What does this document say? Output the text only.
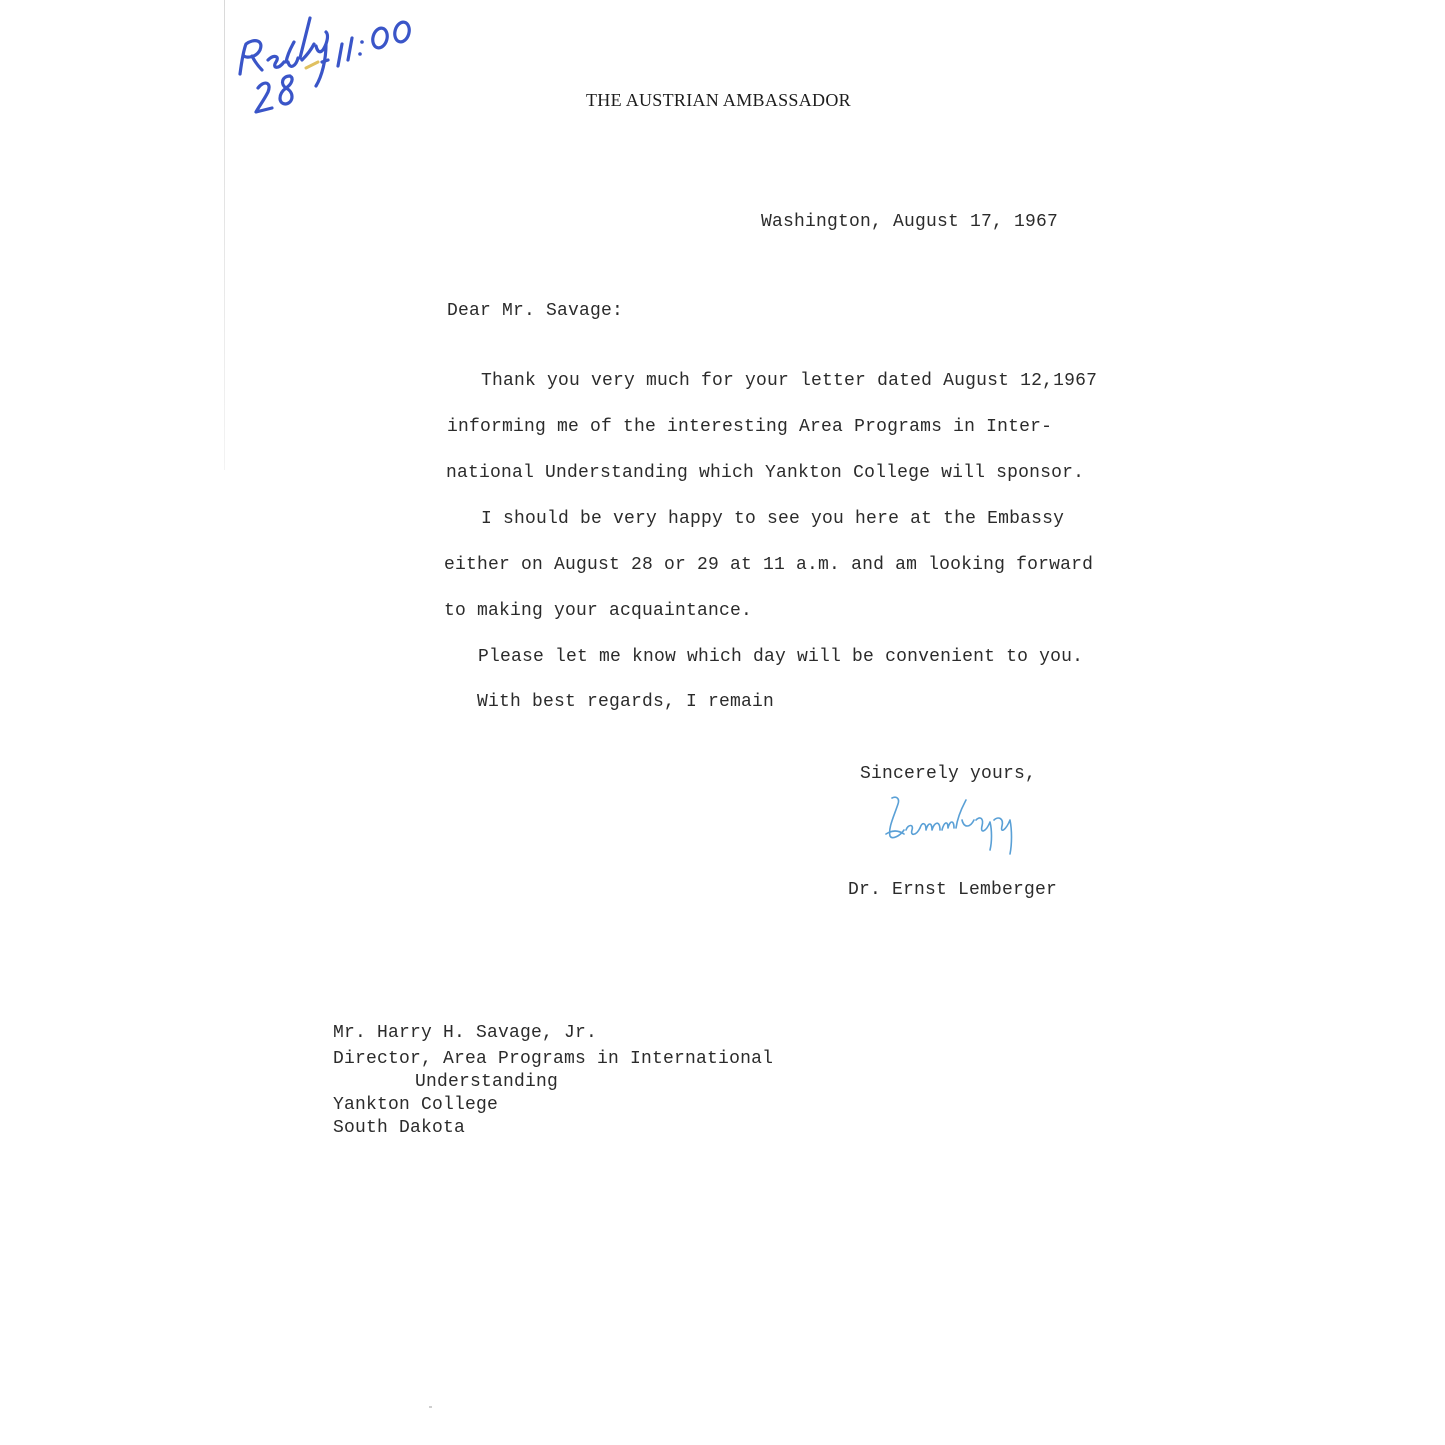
THE AUSTRIAN AMBASSADOR
Washington, August 17, 1967
Dear Mr. Savage:
Thank you very much for your letter dated August 12,1967
informing me of the interesting Area Programs in Inter-
national Understanding which Yankton College will sponsor.
I should be very happy to see you here at the Embassy
either on August 28 or 29 at 11 a.m. and am looking forward
to making your acquaintance.
Please let me know which day will be convenient to you.
With best regards, I remain
Sincerely yours,
Dr. Ernst Lemberger
Mr. Harry H. Savage, Jr.
Director, Area Programs in International
Understanding
Yankton College
South Dakota
